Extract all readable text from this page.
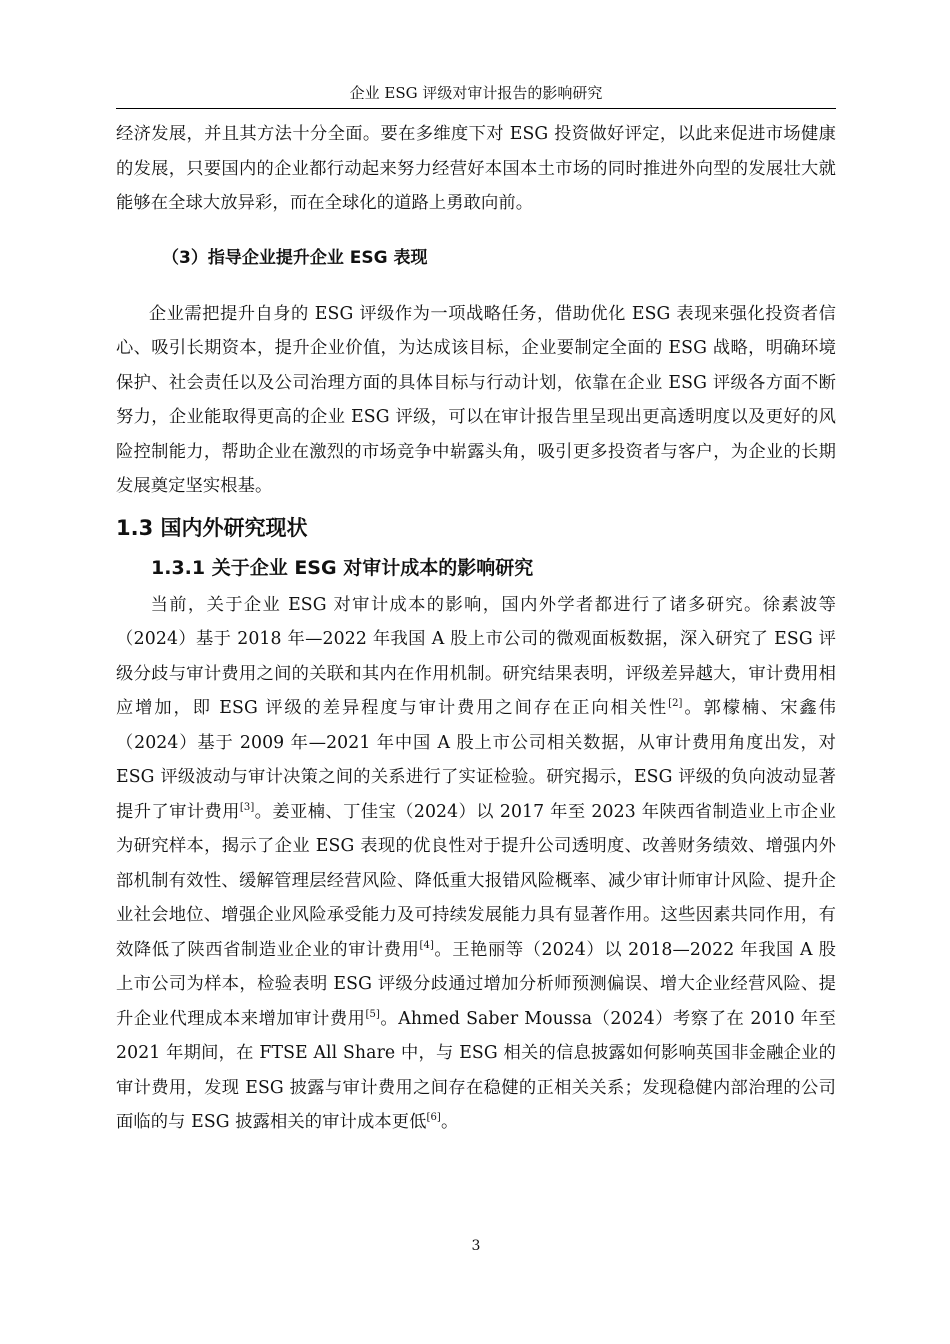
企业 ESG 评级对审计报告的影响研究

经济发展，并且其方法十分全面。要在多维度下对 ESG 投资做好评定，以此来促进市场健康的发展，只要国内的企业都行动起来努力经营好本国本土市场的同时推进外向型的发展壮大就能够在全球大放异彩，而在全球化的道路上勇敢向前。

（3）指导企业提升企业 ESG 表现

企业需把提升自身的 ESG 评级作为一项战略任务，借助优化 ESG 表现来强化投资者信心、吸引长期资本，提升企业价值，为达成该目标，企业要制定全面的 ESG 战略，明确环境保护、社会责任以及公司治理方面的具体目标与行动计划，依靠在企业 ESG 评级各方面不断努力，企业能取得更高的企业 ESG 评级，可以在审计报告里呈现出更高透明度以及更好的风险控制能力，帮助企业在激烈的市场竞争中崭露头角，吸引更多投资者与客户，为企业的长期发展奠定坚实根基。

1.3 国内外研究现状
1.3.1 关于企业 ESG 对审计成本的影响研究

当前，关于企业 ESG 对审计成本的影响，国内外学者都进行了诸多研究。徐素波等（2024）基于 2018 年—2022 年我国 A 股上市公司的微观面板数据，深入研究了 ESG 评级分歧与审计费用之间的关联和其内在作用机制。研究结果表明，评级差异越大，审计费用相应增加，即 ESG 评级的差异程度与审计费用之间存在正向相关性[2]。郭檬楠、宋鑫伟（2024）基于 2009 年—2021 年中国 A 股上市公司相关数据，从审计费用角度出发，对 ESG 评级波动与审计决策之间的关系进行了实证检验。研究揭示，ESG 评级的负向波动显著提升了审计费用[3]。姜亚楠、丁佳宝（2024）以 2017 年至 2023 年陕西省制造业上市企业为研究样本，揭示了企业 ESG 表现的优良性对于提升公司透明度、改善财务绩效、增强内外部机制有效性、缓解管理层经营风险、降低重大报错风险概率、减少审计师审计风险、提升企业社会地位、增强企业风险承受能力及可持续发展能力具有显著作用。这些因素共同作用，有效降低了陕西省制造业企业的审计费用[4]。王艳丽等（2024）以 2018—2022 年我国 A 股上市公司为样本，检验表明 ESG 评级分歧通过增加分析师预测偏误、增大企业经营风险、提升企业代理成本来增加审计费用[5]。Ahmed Saber Moussa（2024）考察了在 2010 年至 2021 年期间，在 FTSE All Share 中，与 ESG 相关的信息披露如何影响英国非金融企业的审计费用，发现 ESG 披露与审计费用之间存在稳健的正相关关系；发现稳健内部治理的公司面临的与 ESG 披露相关的审计成本更低[6]。

3
